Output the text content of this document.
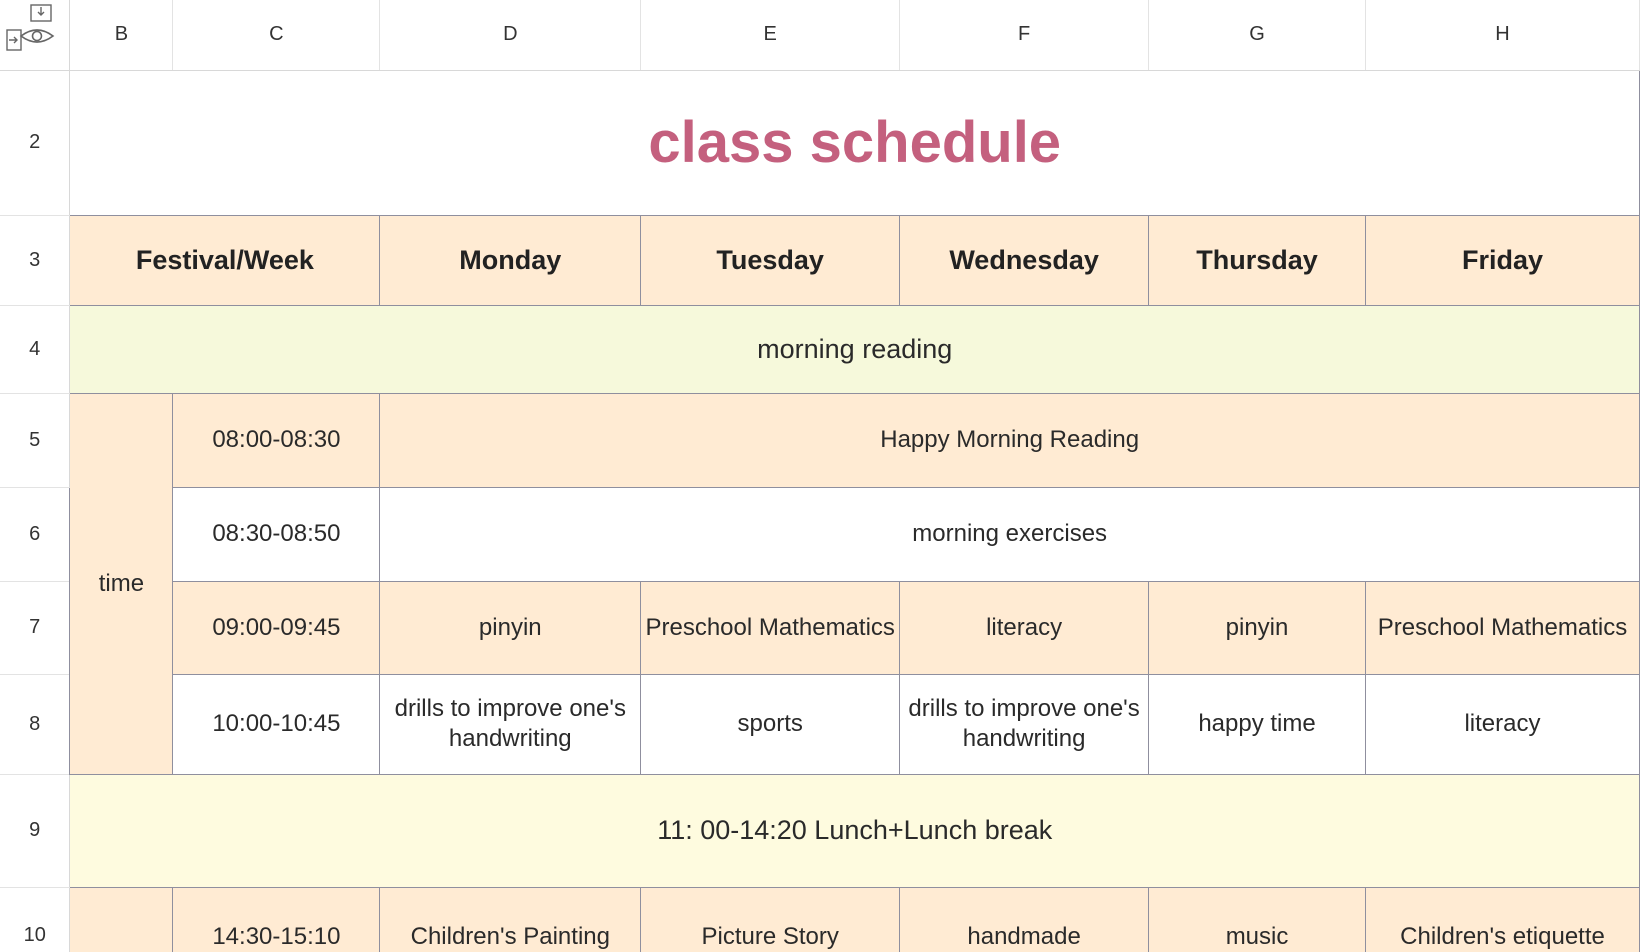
	B	C	D	E	F	G	H
2	class schedule						
3	Festival/Week		Monday	Tuesday	Wednesday	Thursday	Friday
4	morning reading						
5	time	08:00-08:30	Happy Morning Reading				

6		08:30-08:50	morning exercises				

7		09:00-09:45	pinyin	Preschool Mathematics	literacy	pinyin	Preschool Mathematics

8		10:00-10:45	drills to improve one's handwriting	sports	drills to improve one's handwriting	happy time	literacy

9	11: 00-14:20 Lunch+Lunch break						
10		14:30-15:10	Children's Painting	Picture Story	handmade	music	Children's etiquette
